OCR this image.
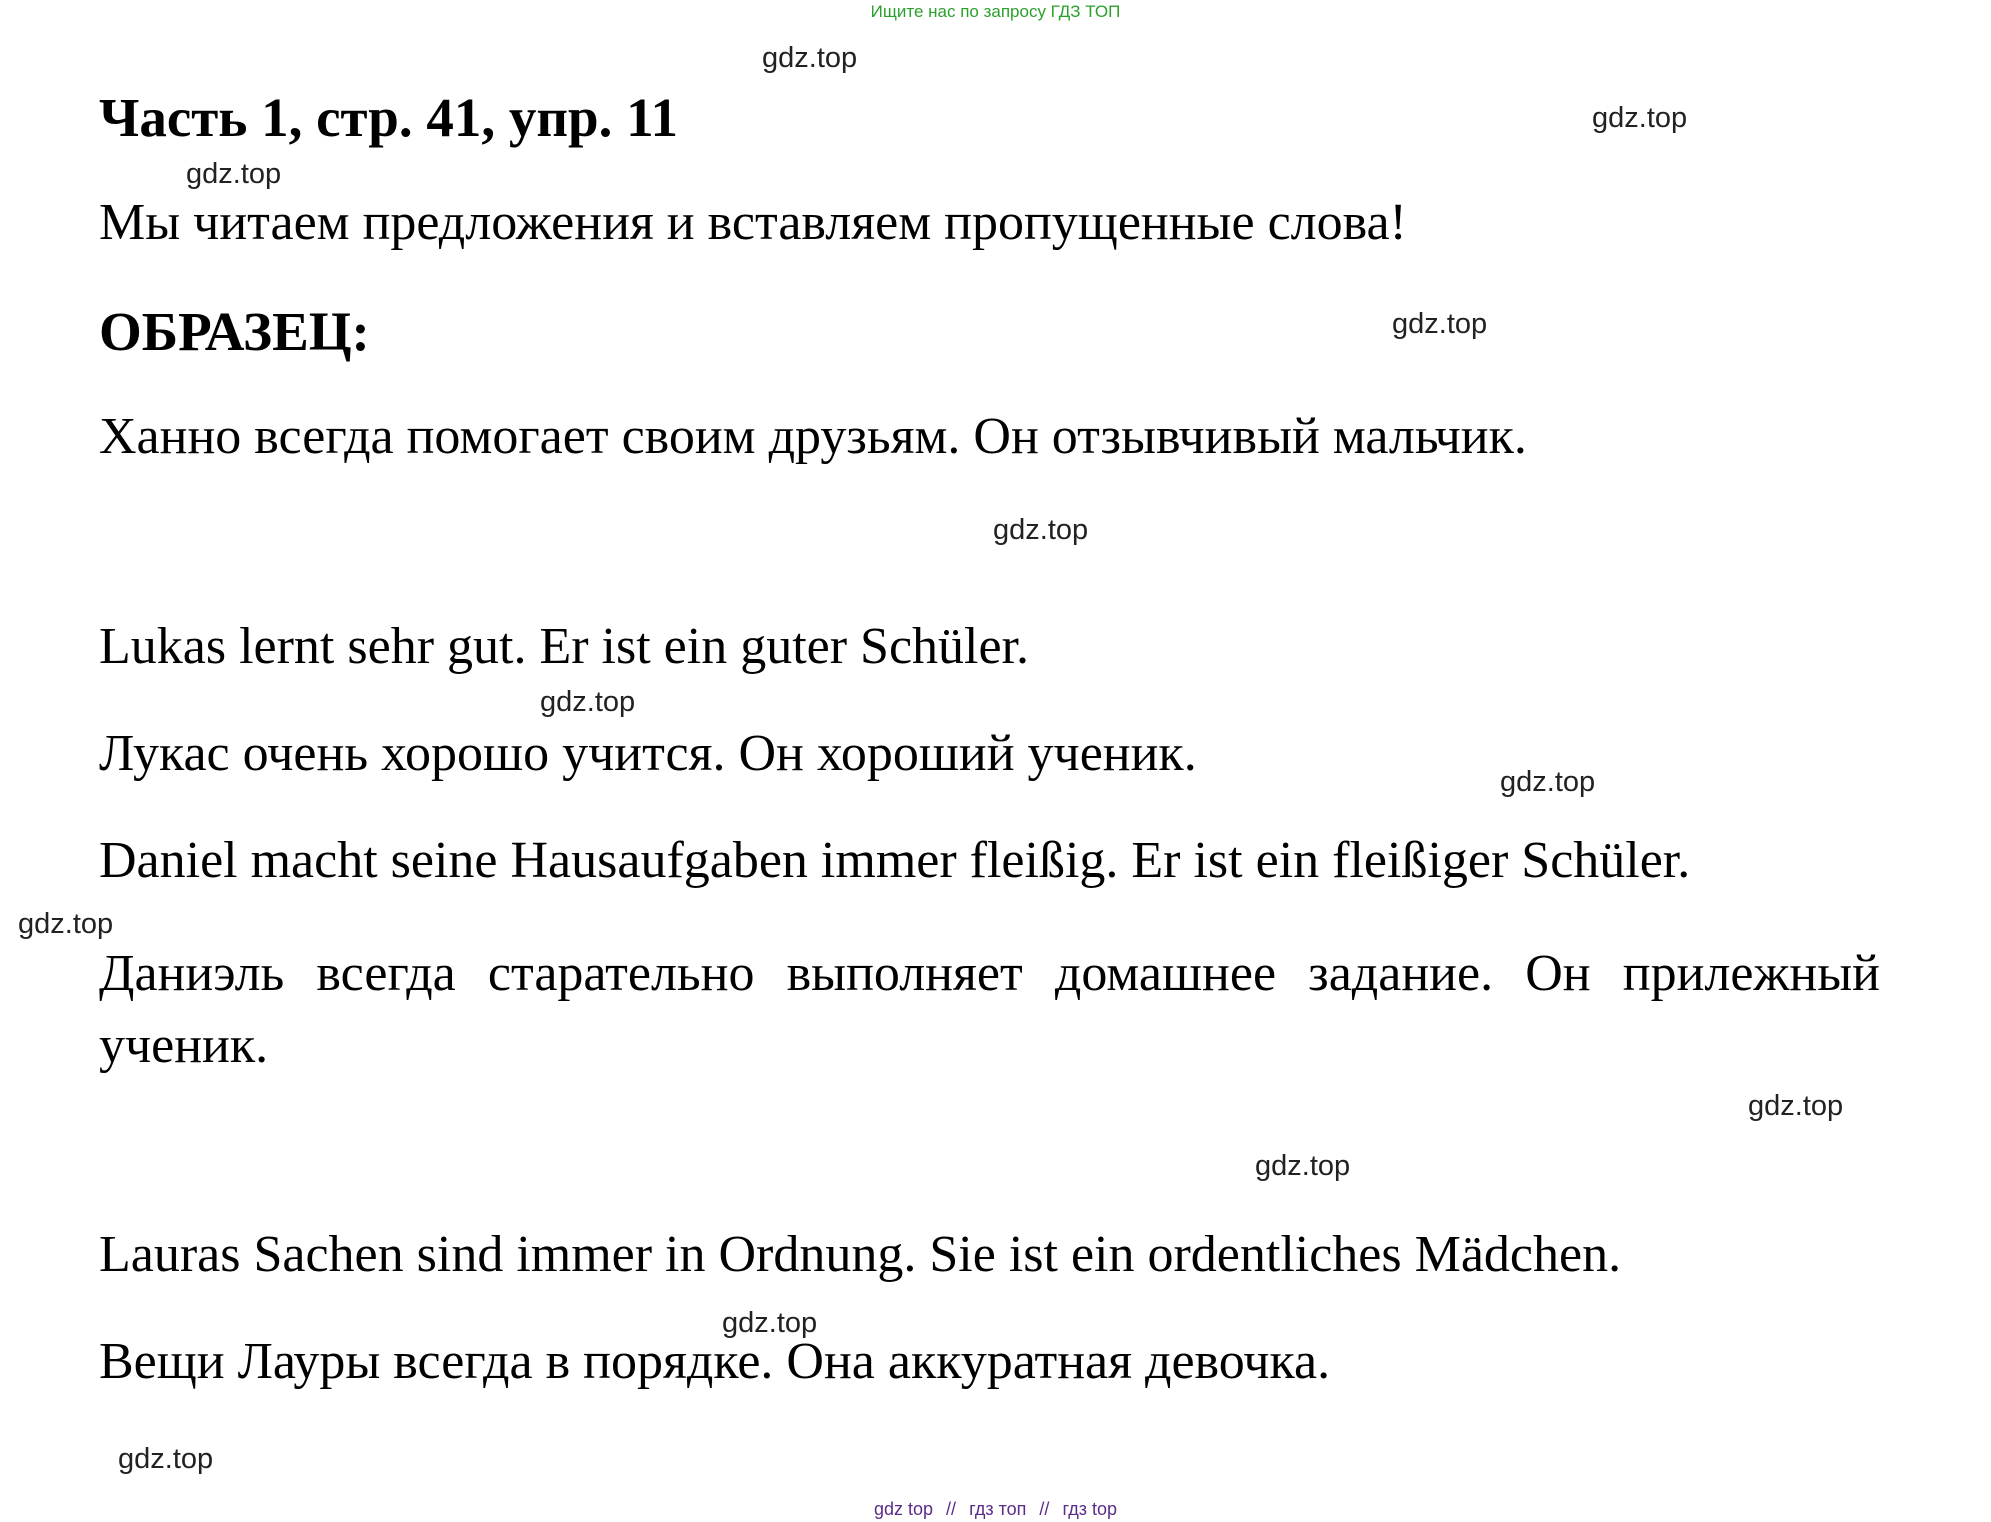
Ищите нас по запросу ГДЗ ТОП
Часть 1, стр. 41, упр. 11
Мы читаем предложения и вставляем пропущенные слова!
ОБРАЗЕЦ:
Ханно всегда помогает своим друзьям. Он отзывчивый мальчик.
Lukas lernt sehr gut. Er ist ein guter Schüler.
Лукас очень хорошо учится. Он хороший ученик.
Daniel macht seine Hausaufgaben immer fleißig. Er ist ein fleißiger Schüler.
Даниэль всегда старательно выполняет домашнее задание. Он прилежный ученик.
Lauras Sachen sind immer in Ordnung. Sie ist ein ordentliches Mädchen.
Вещи Лауры всегда в порядке. Она аккуратная девочка.
gdz.top
gdz.top
gdz.top
gdz.top
gdz.top
gdz.top
gdz.top
gdz.top
gdz.top
gdz.top
gdz.top
gdz.top
gdz top // гдз топ // гдз top
